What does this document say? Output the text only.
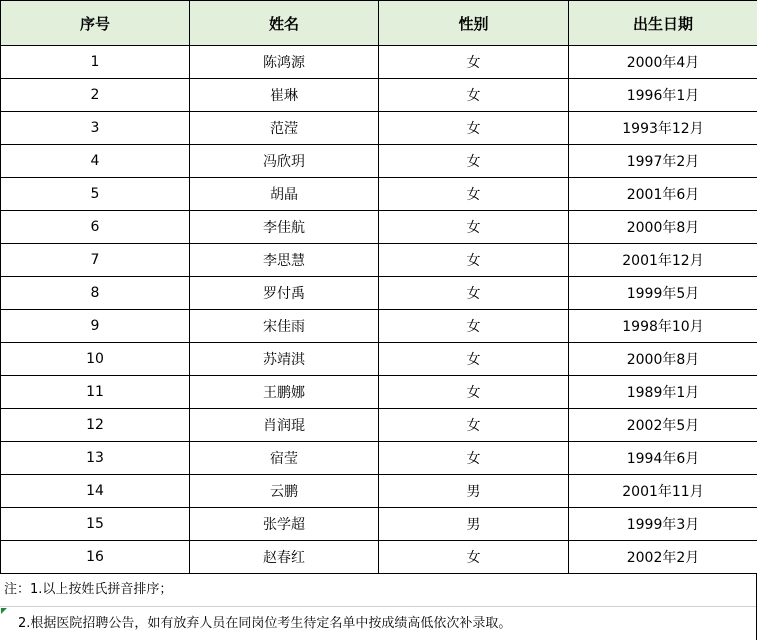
序号	姓名	性别	出生日期
1	陈鸿源	女	2000年4月
2	崔琳	女	1996年1月
3	范滢	女	1993年12月
4	冯欣玥	女	1997年2月
5	胡晶	女	2001年6月
6	李佳航	女	2000年8月
7	李思慧	女	2001年12月
8	罗付禹	女	1999年5月
9	宋佳雨	女	1998年10月
10	苏靖淇	女	2000年8月
11	王鹏娜	女	1989年1月
12	肖润琨	女	2002年5月
13	宿莹	女	1994年6月
14	云鹏	男	2001年11月
15	张学超	男	1999年3月
16	赵春红	女	2002年2月
注：1.以上按姓氏拼音排序；
2.根据医院招聘公告，如有放弃人员在同岗位考生待定名单中按成绩高低依次补录取。
